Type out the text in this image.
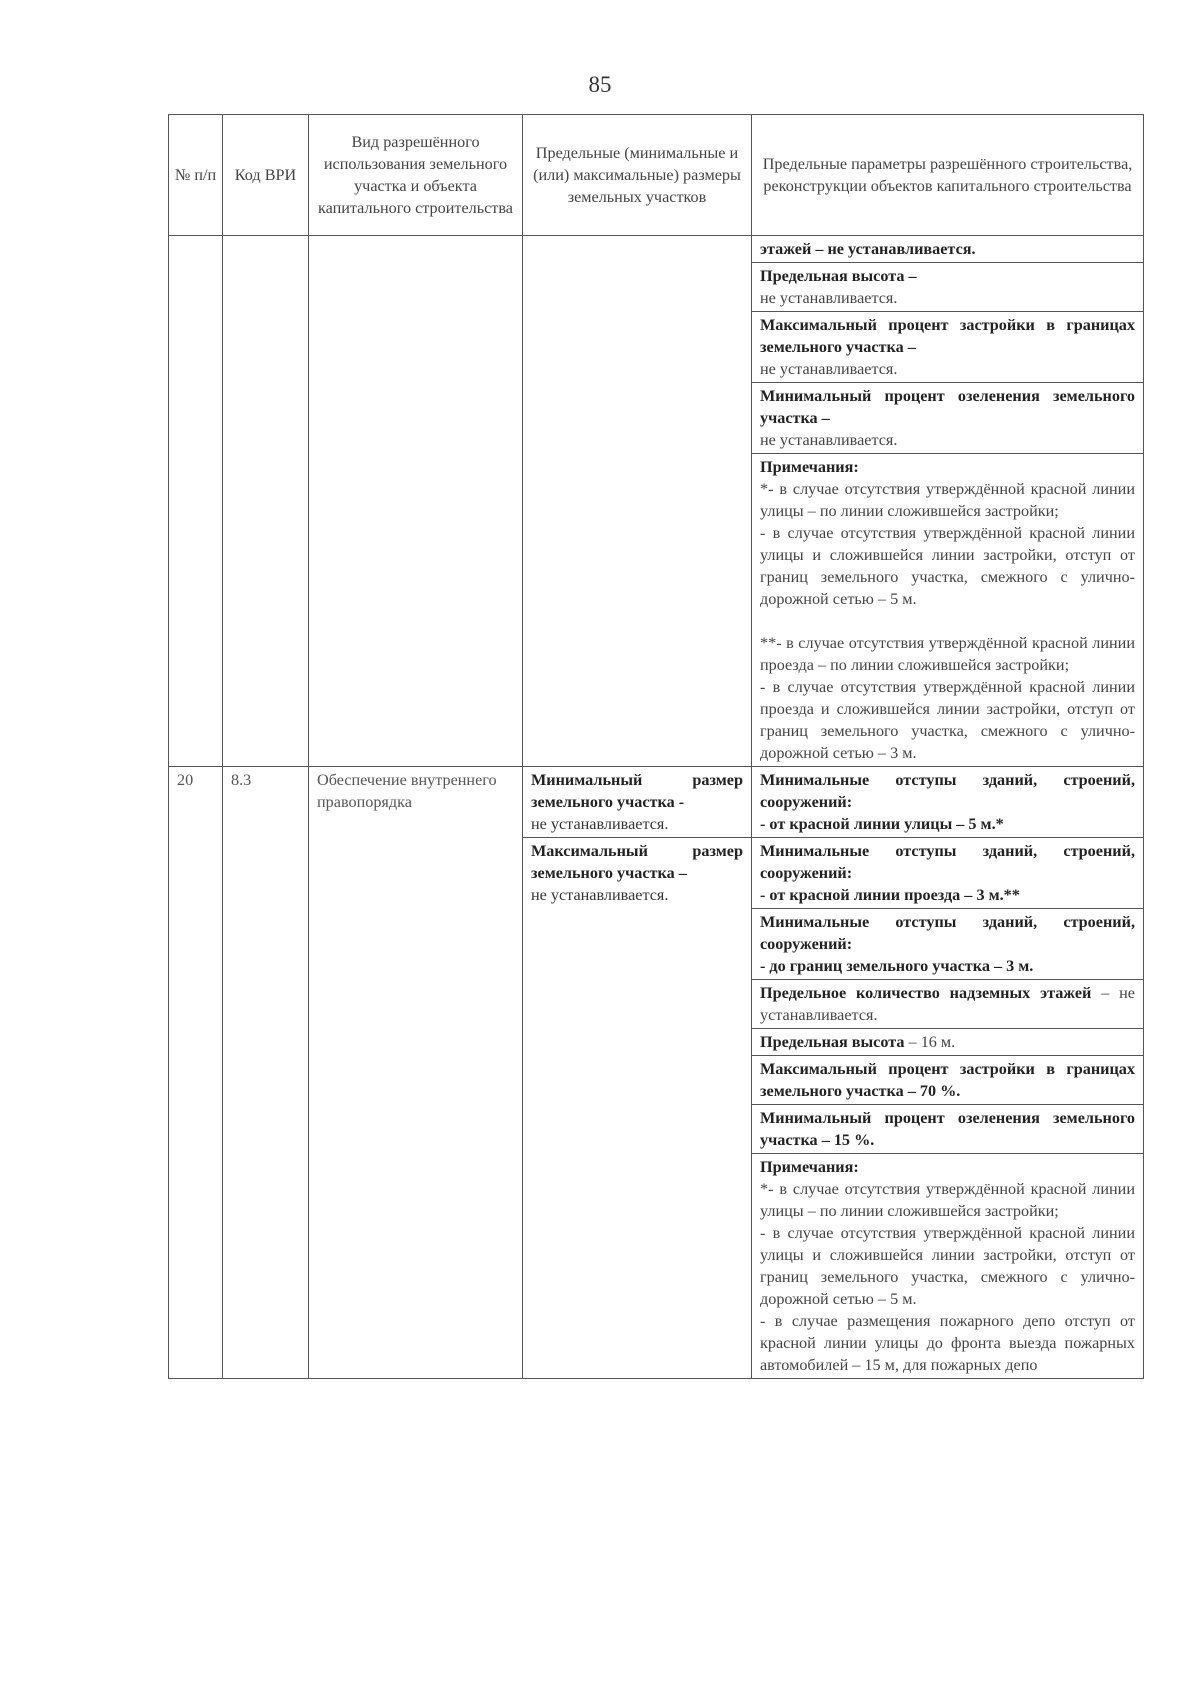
85
№ п/п	Код ВРИ	Вид разрешённого использования земельного участка и объекта капитального строительства	Предельные (минимальные и (или) максимальные) размеры земельных участков	Предельные параметры разрешённого строительства, реконструкции объектов капитального строительства
				этажей – не устанавливается.
				Предельная высота –
не устанавливается.
				Максимальный процент застройки в границах земельного участка –
не устанавливается.
				Минимальный процент озеленения земельного участка –
не устанавливается.
				Примечания:
*- в случае отсутствия утверждённой красной линии улицы – по линии сложившейся застройки;
- в случае отсутствия утверждённой красной линии улицы и сложившейся линии застройки, отступ от границ земельного участка, смежного с улично-дорожной сетью – 5 м.
**- в случае отсутствия утверждённой красной линии проезда – по линии сложившейся застройки;
- в случае отсутствия утверждённой красной линии проезда и сложившейся линии застройки, отступ от границ земельного участка, смежного с улично-дорожной сетью – 3 м.

20	8.3	Обеспечение внутреннего правопорядка	Минимальный размер земельного участка -
не устанавливается.	Минимальные отступы зданий, строений, сооружений:
- от красной линии улицы – 5 м.*
			Максимальный размер земельного участка –
не устанавливается.	Минимальные отступы зданий, строений, сооружений:
- от красной линии проезда – 3 м.**
				Минимальные отступы зданий, строений, сооружений:
- до границ земельного участка – 3 м.
				Предельное количество надземных этажей – не устанавливается.
				Предельная высота – 16 м.
				Максимальный процент застройки в границах земельного участка – 70 %.
				Минимальный процент озеленения земельного участка – 15 %.
				Примечания:
*- в случае отсутствия утверждённой красной линии улицы – по линии сложившейся застройки;
- в случае отсутствия утверждённой красной линии улицы и сложившейся линии застройки, отступ от границ земельного участка, смежного с улично-дорожной сетью – 5 м.
- в случае размещения пожарного депо отступ от красной линии улицы до фронта выезда пожарных автомобилей – 15 м, для пожарных депо
